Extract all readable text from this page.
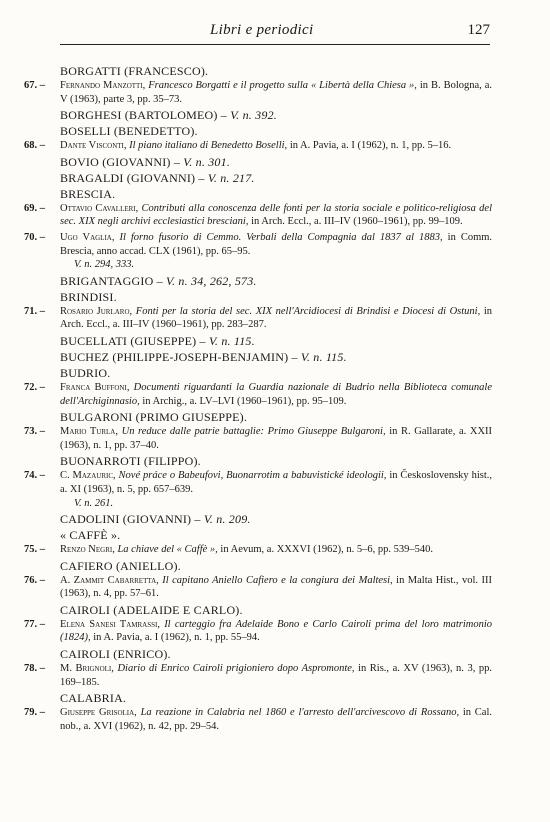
Libri e periodici	127
BORGATTI (FRANCESCO).
67. –	Fernando Manzotti, Francesco Borgatti e il progetto sulla « Libertà della Chiesa », in B. Bologna, a. V (1963), parte 3, pp. 35–73.
BORGHESI (BARTOLOMEO) – V. n. 392.
BOSELLI (BENEDETTO).
68. –	Dante Visconti, Il piano italiano di Benedetto Boselli, in A. Pavia, a. I (1962), n. 1, pp. 5–16.
BOVIO (GIOVANNI) – V. n. 301.
BRAGALDI (GIOVANNI) – V. n. 217.
BRESCIA.
69. –	Ottavio Cavalleri, Contributi alla conoscenza delle fonti per la storia sociale e politico-religiosa del sec. XIX negli archivi ecclesiastici bresciani, in Arch. Eccl., a. III–IV (1960–1961), pp. 99–109.
70. –	Ugo Vaglia, Il forno fusorio di Cemmo. Verbali della Compagnia dal 1837 al 1883, in Comm. Brescia, anno accad. CLX (1961), pp. 65–95.
V. n. 294, 333.
BRIGANTAGGIO – V. n. 34, 262, 573.
BRINDISI.
71. –	Rosario Jurlaro, Fonti per la storia del sec. XIX nell'Arcidiocesi di Brindisi e Diocesi di Ostuni, in Arch. Eccl., a. III–IV (1960–1961), pp. 283–287.
BUCELLATI (GIUSEPPE) – V. n. 115.
BUCHEZ (PHILIPPE-JOSEPH-BENJAMIN) – V. n. 115.
BUDRIO.
72. –	Franca Buffoni, Documenti riguardanti la Guardia nazionale di Budrio nella Biblioteca comunale dell'Archiginnasio, in Archig., a. LV–LVI (1960–1961), pp. 95–109.
BULGARONI (PRIMO GIUSEPPE).
73. –	Mario Turla, Un reduce dalle patrie battaglie: Primo Giuseppe Bulgaroni, in R. Gallarate, a. XXII (1963), n. 1, pp. 37–40.
BUONARROTI (FILIPPO).
74. –	C. Mazauric, Nové práce o Babeufovi, Buonarrotim a babuvistické ideologii, in Československy hist., a. XI (1963), n. 5, pp. 657–639.
V. n. 261.
CADOLINI (GIOVANNI) – V. n. 209.
« CAFFÈ ».
75. –	Renzo Negri, La chiave del « Caffè », in Aevum, a. XXXVI (1962), n. 5–6, pp. 539–540.
CAFIERO (ANIELLO).
76. –	A. Zammit Cabarretta, Il capitano Aniello Cafiero e la congiura dei Maltesi, in Malta Hist., vol. III (1963), n. 4, pp. 57–61.
CAIROLI (ADELAIDE E CARLO).
77. –	Elena Sanesi Tamrassi, Il carteggio fra Adelaide Bono e Carlo Cairoli prima del loro matrimonio (1824), in A. Pavia, a. I (1962), n. 1, pp. 55–94.
CAIROLI (ENRICO).
78. –	M. Brignoli, Diario di Enrico Cairoli prigioniero dopo Aspromonte, in Ris., a. XV (1963), n. 3, pp. 169–185.
CALABRIA.
79. –	Giuseppe Grisolia, La reazione in Calabria nel 1860 e l'arresto dell'arcivescovo di Rossano, in Cal. nob., a. XVI (1962), n. 42, pp. 29–54.
